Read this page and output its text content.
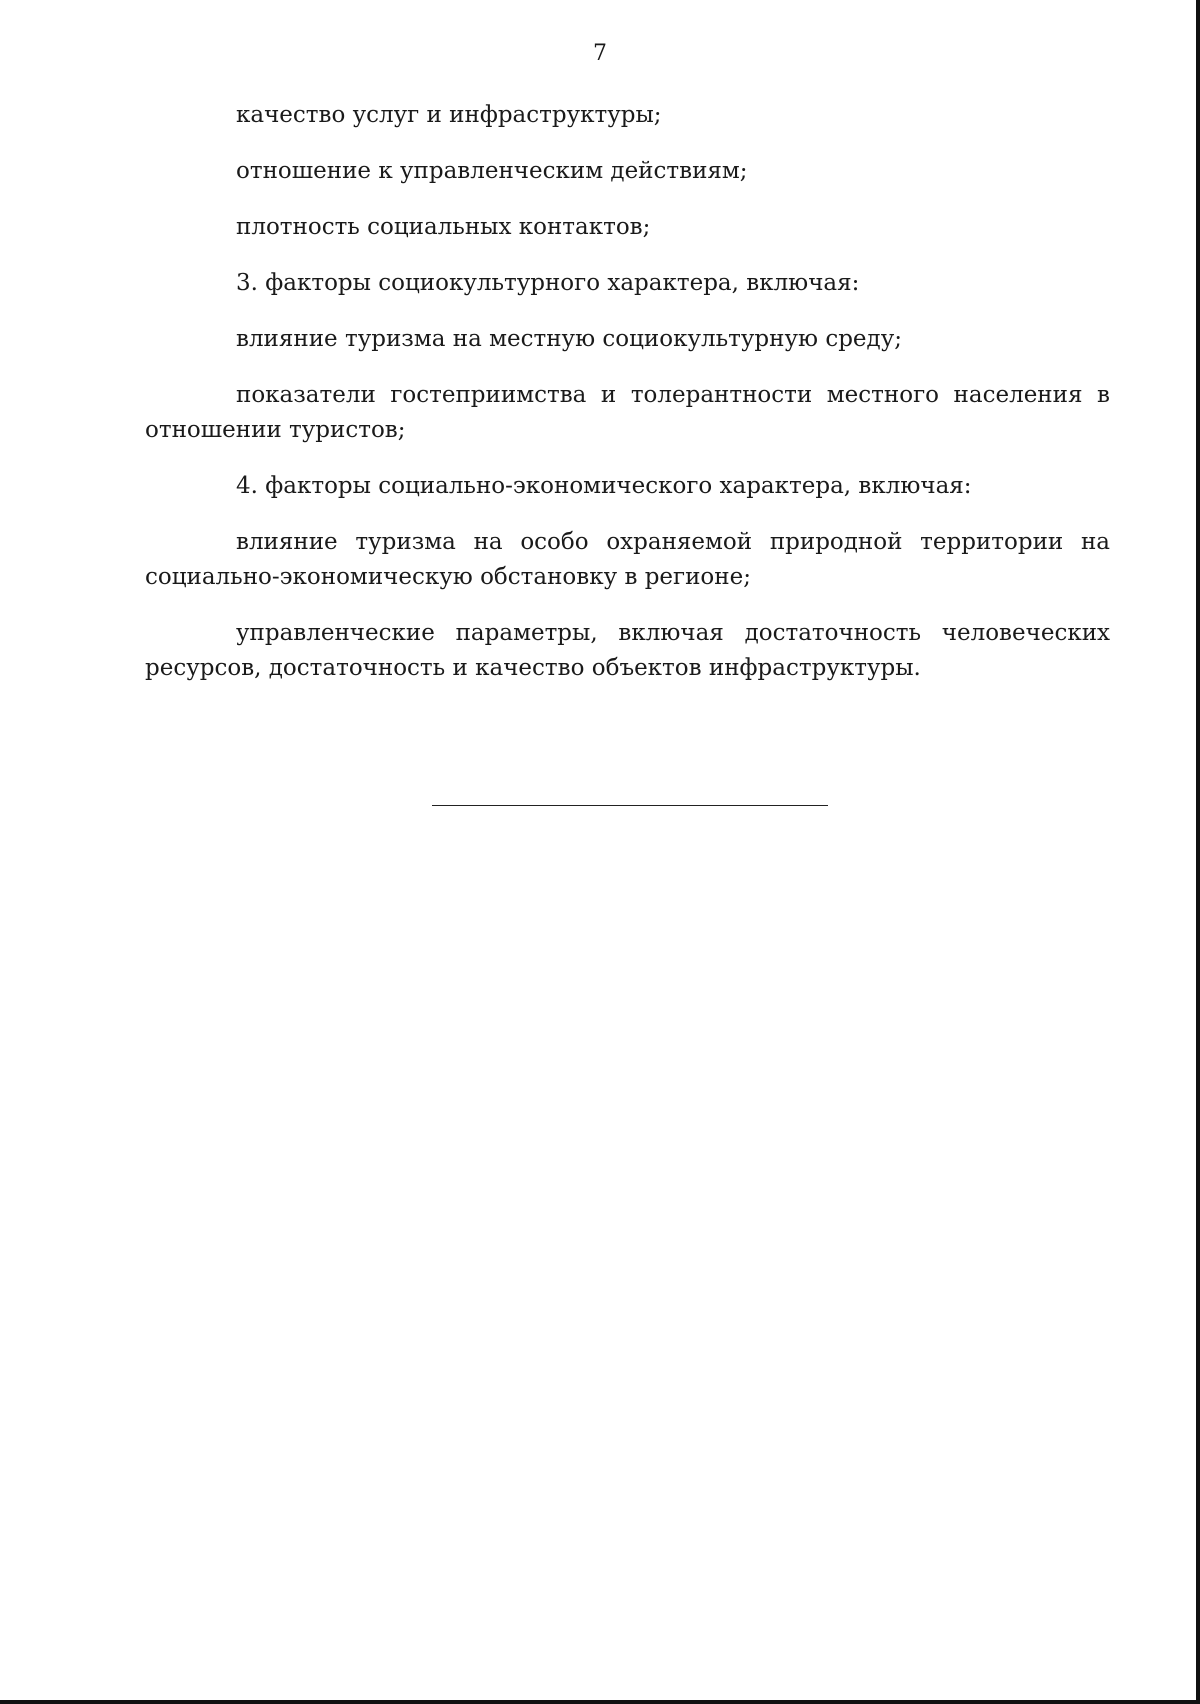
7

качество услуг и инфраструктуры;

отношение к управленческим действиям;

плотность социальных контактов;

3. факторы социокультурного характера, включая:

влияние туризма на местную социокультурную среду;

показатели гостеприимства и толерантности местного населения в отношении туристов;

4. факторы социально-экономического характера, включая:

влияние туризма на особо охраняемой природной территории на социально-экономическую обстановку в регионе;

управленческие параметры, включая достаточность человеческих ресурсов, достаточность и качество объектов инфраструктуры.
